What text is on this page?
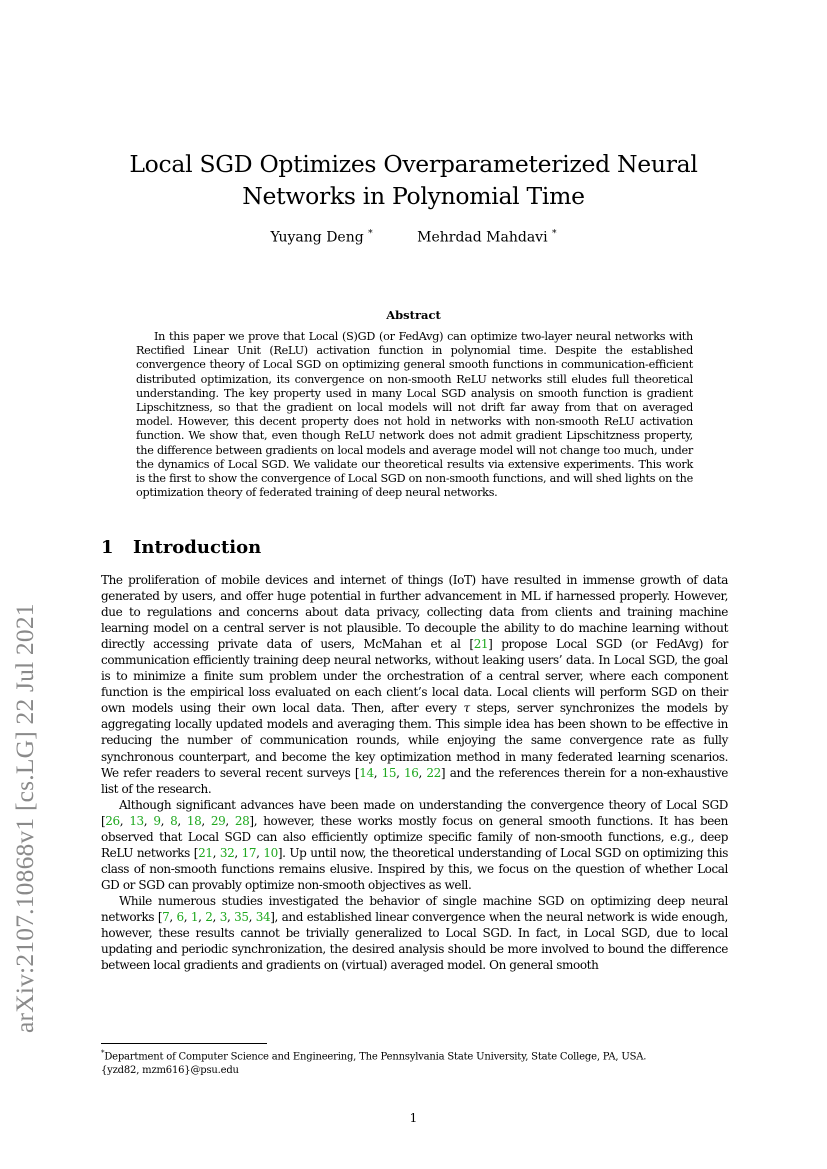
arXiv:2107.10868v1 [cs.LG] 22 Jul 2021
Local SGD Optimizes Overparameterized Neural
Networks in Polynomial Time
Yuyang Deng *	Mehrdad Mahdavi *
Abstract
In this paper we prove that Local (S)GD (or FedAvg) can optimize two-layer neural networks with Rectified Linear Unit (ReLU) activation function in polynomial time. Despite the established convergence theory of Local SGD on optimizing general smooth functions in communication-efficient distributed optimization, its convergence on non-smooth ReLU networks still eludes full theoretical understanding. The key property used in many Local SGD analysis on smooth function is gradient Lipschitzness, so that the gradient on local models will not drift far away from that on averaged model. However, this decent property does not hold in networks with non-smooth ReLU activation function. We show that, even though ReLU network does not admit gradient Lipschitzness property, the difference between gradients on local models and average model will not change too much, under the dynamics of Local SGD. We validate our theoretical results via extensive experiments. This work is the first to show the convergence of Local SGD on non-smooth functions, and will shed lights on the optimization theory of federated training of deep neural networks.
1 Introduction

The proliferation of mobile devices and internet of things (IoT) have resulted in immense growth of data generated by users, and offer huge potential in further advancement in ML if harnessed properly. However, due to regulations and concerns about data privacy, collecting data from clients and training machine learning model on a central server is not plausible. To decouple the ability to do machine learning without directly accessing private data of users, McMahan et al [21] propose Local SGD (or FedAvg) for communication efficiently training deep neural networks, without leaking users’ data. In Local SGD, the goal is to minimize a finite sum problem under the orchestration of a central server, where each component function is the empirical loss evaluated on each client’s local data. Local clients will perform SGD on their own models using their own local data. Then, after every τ steps, server synchronizes the models by aggregating locally updated models and averaging them. This simple idea has been shown to be effective in reducing the number of communication rounds, while enjoying the same convergence rate as fully synchronous counterpart, and become the key optimization method in many federated learning scenarios. We refer readers to several recent surveys [14, 15, 16, 22] and the references therein for a non-exhaustive list of the research.

Although significant advances have been made on understanding the convergence theory of Local SGD [26, 13, 9, 8, 18, 29, 28], however, these works mostly focus on general smooth functions. It has been observed that Local SGD can also efficiently optimize specific family of non-smooth functions, e.g., deep ReLU networks [21, 32, 17, 10]. Up until now, the theoretical understanding of Local SGD on optimizing this class of non-smooth functions remains elusive. Inspired by this, we focus on the question of whether Local GD or SGD can provably optimize non-smooth objectives as well.

While numerous studies investigated the behavior of single machine SGD on optimizing deep neural networks [7, 6, 1, 2, 3, 35, 34], and established linear convergence when the neural network is wide enough, however, these results cannot be trivially generalized to Local SGD. In fact, in Local SGD, due to local updating and periodic synchronization, the desired analysis should be more involved to bound the difference between local gradients and gradients on (virtual) averaged model. On general smooth

*Department of Computer Science and Engineering, The Pennsylvania State University, State College, PA, USA.
{yzd82, mzm616}@psu.edu
1
